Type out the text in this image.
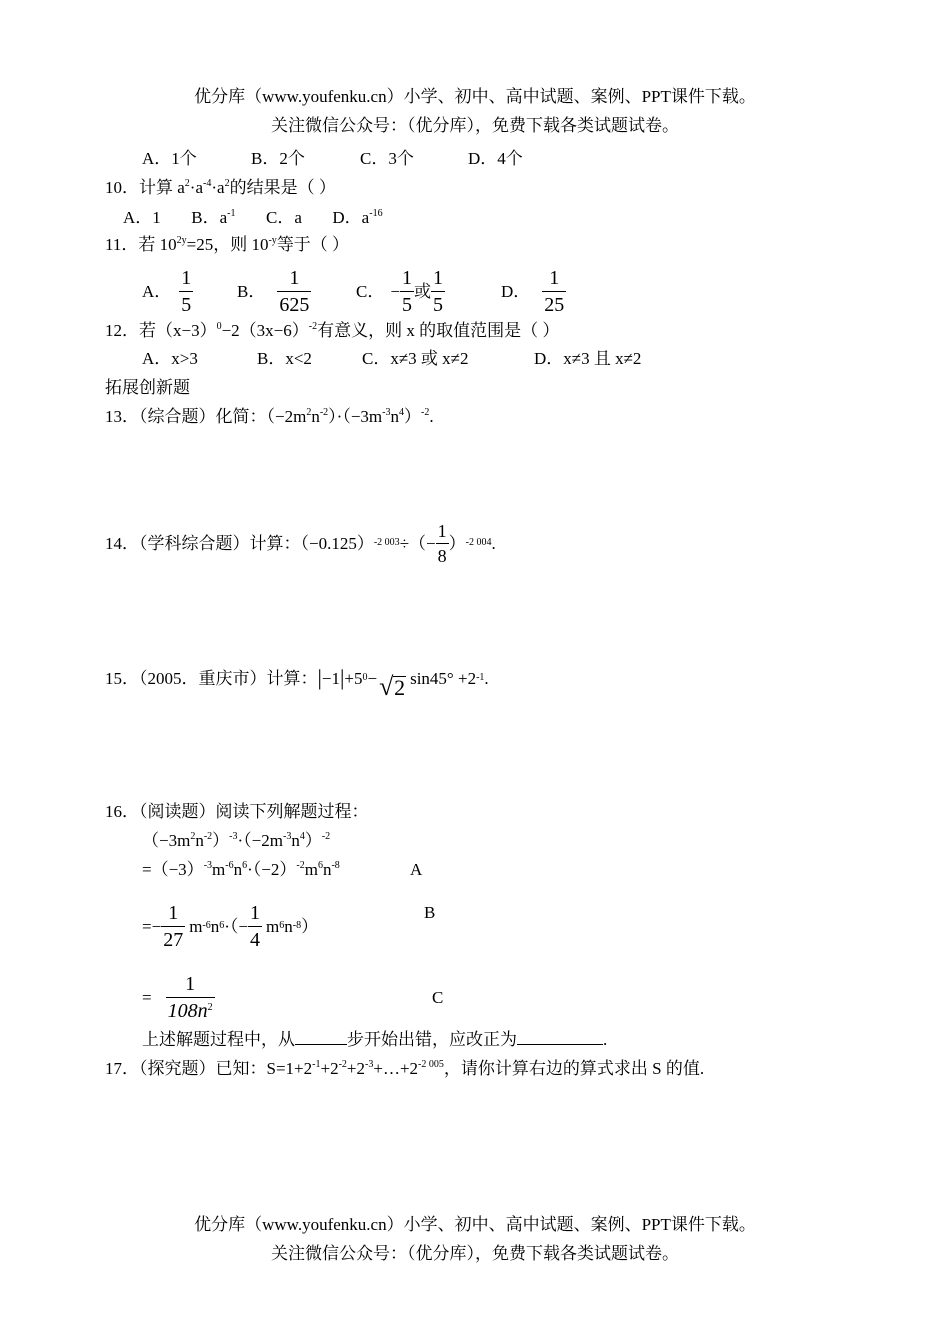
优分库（www.youfenku.cn）小学、初中、高中试题、案例、PPT课件下载。
关注微信公众号：（优分库），免费下载各类试题试卷。
A．1个	B．2个	C．3个	D．4个
10．计算 $a^2\cdot a^{-4}\cdot a^2$的结果是（ ）
A．1 B．$a^{-1}$ C．a D．$a^{-16}$
11．若 $10^{2y}=25$，则 $10^{-y}$等于（ ）
A． $\frac{1}{5}$	B． $\frac{1}{625}$	C． − $\frac{1}{5}$ 或 $\frac{1}{5}$	D． $\frac{1}{25}$
12．若$(x-3)^0-2(3x-6)^{-2}$有意义，则 x 的取值范围是（ ）
A．x>3	B．x<2	C．x≠3 或 x≠2	D．x≠3 且 x≠2
拓展创新题
13．（综合题）化简：$(-2m^2n^{-2})\cdot(-3m^{-3}n^4)^{-2}$.
14．（学科综合题）计算：（−0.125） -2 003 ÷（− $\frac{1}{8}$ ） -2 004 .
15．（2005．重庆市）计算： | −1 | +5 0 − √ 2 sin45° +2 -1 .
16．（阅读题）阅读下列解题过程：
$(-3m^2n^{-2})^{-3}\cdot(-2m^{-3}n^4)^{-2}$
$=(-3)^{-3}m^{-6}n^6\cdot(-2)^{-2}m^6n^{-8}$	A
=− $\frac{1}{27}$ m -6 n 6 ·（− $\frac{1}{4}$ m 6 n -8 ）
B
= $\frac{1}{108n^2}$	C
上述解题过程中，从	步开始出错，应改正为	.
17．（探究题）已知：$S=1+2^{-1}+2^{-2}+2^{-3}+\dots+2^{-2 005}$，请你计算右边的算式求出 S 的值.
优分库（www.youfenku.cn）小学、初中、高中试题、案例、PPT课件下载。
关注微信公众号：（优分库），免费下载各类试题试卷。
